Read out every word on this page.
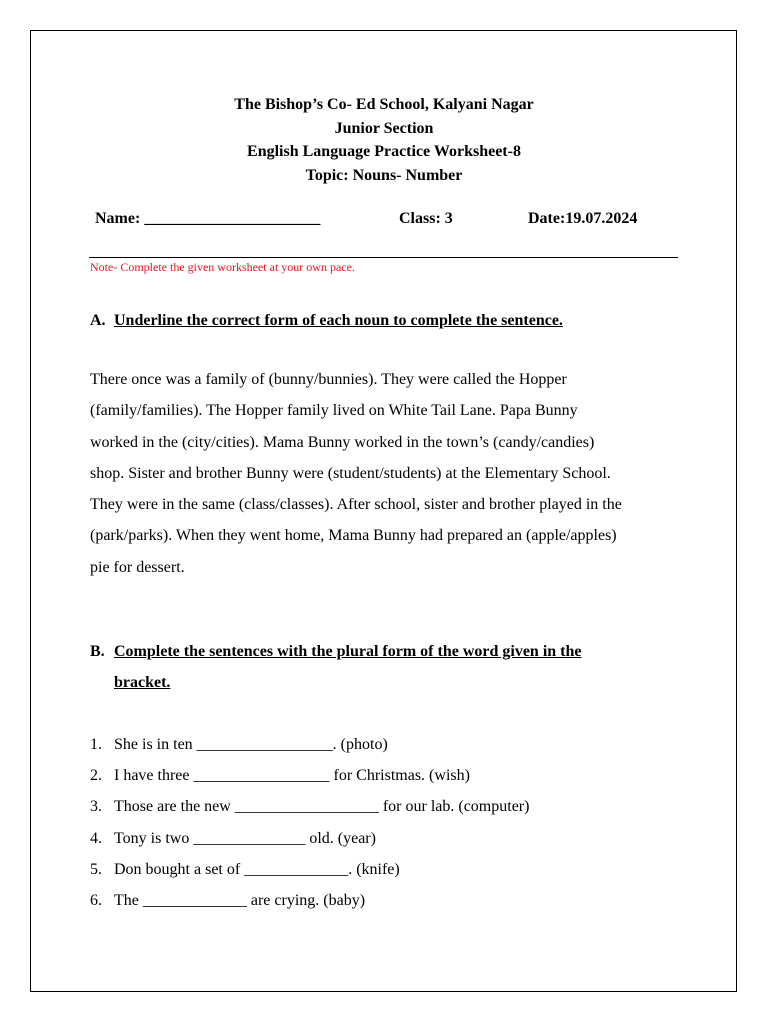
The Bishop’s Co- Ed School, Kalyani Nagar
Junior Section
English Language Practice Worksheet-8
Topic: Nouns- Number
Name: ______________________	Class: 3	Date:19.07.2024
Note- Complete the given worksheet at your own pace.
A. Underline the correct form of each noun to complete the sentence.
There once was a family of (bunny/bunnies). They were called the Hopper
(family/families). The Hopper family lived on White Tail Lane. Papa Bunny
worked in the (city/cities). Mama Bunny worked in the town’s (candy/candies)
shop. Sister and brother Bunny were (student/students) at the Elementary School.
They were in the same (class/classes). After school, sister and brother played in the
(park/parks). When they went home, Mama Bunny had prepared an (apple/apples)
pie for dessert.
B. Complete the sentences with the plural form of the word given in the
bracket.
1. She is in ten _________________. (photo)
2. I have three _________________ for Christmas. (wish)
3. Those are the new __________________ for our lab. (computer)
4. Tony is two ______________ old. (year)
5. Don bought a set of _____________. (knife)
6. The _____________ are crying. (baby)
